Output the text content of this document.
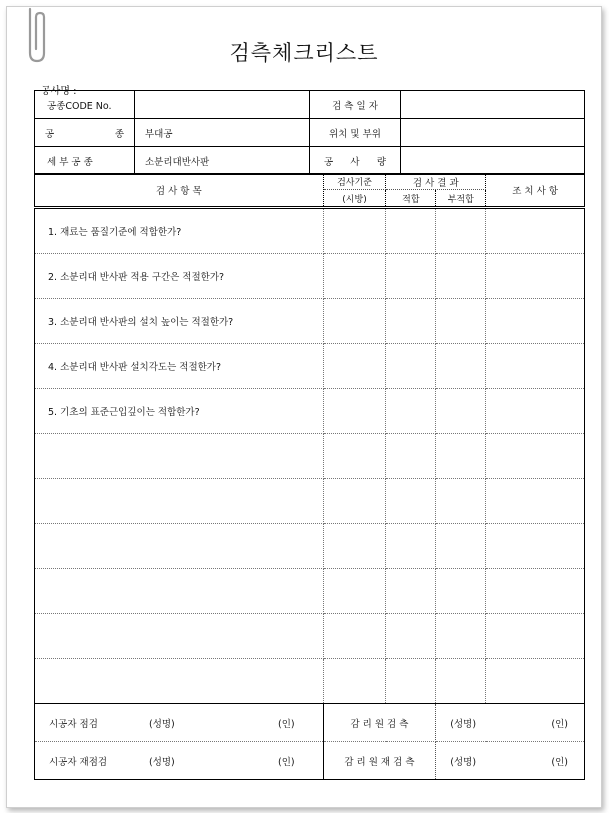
검측체크리스트
공사명 :
공종CODE No.		검 측 일 자	

공 종	부대공	위치 및 부위	

세 부 공 종	소분리대반사판	공 사 량	

검 사 항 목	검사기준	검 사 결 과		조 치 사 항
	(시방)	적합	부적합	
1. 재료는 품질기준에 적합한가?				
2. 소분리대 반사판 적용 구간은 적절한가?				
3. 소분리대 반사판의 설치 높이는 적절한가?				
4. 소분리대 반사판 설치각도는 적절한가?				
5. 기초의 표준근입깊이는 적합한가?				

시공자 점검 (성명) (인)	감 리 원 검 측		(성명) (인)	

시공자 재점검 (성명) (인)	감 리 원 재 검 측		(성명) (인)	
